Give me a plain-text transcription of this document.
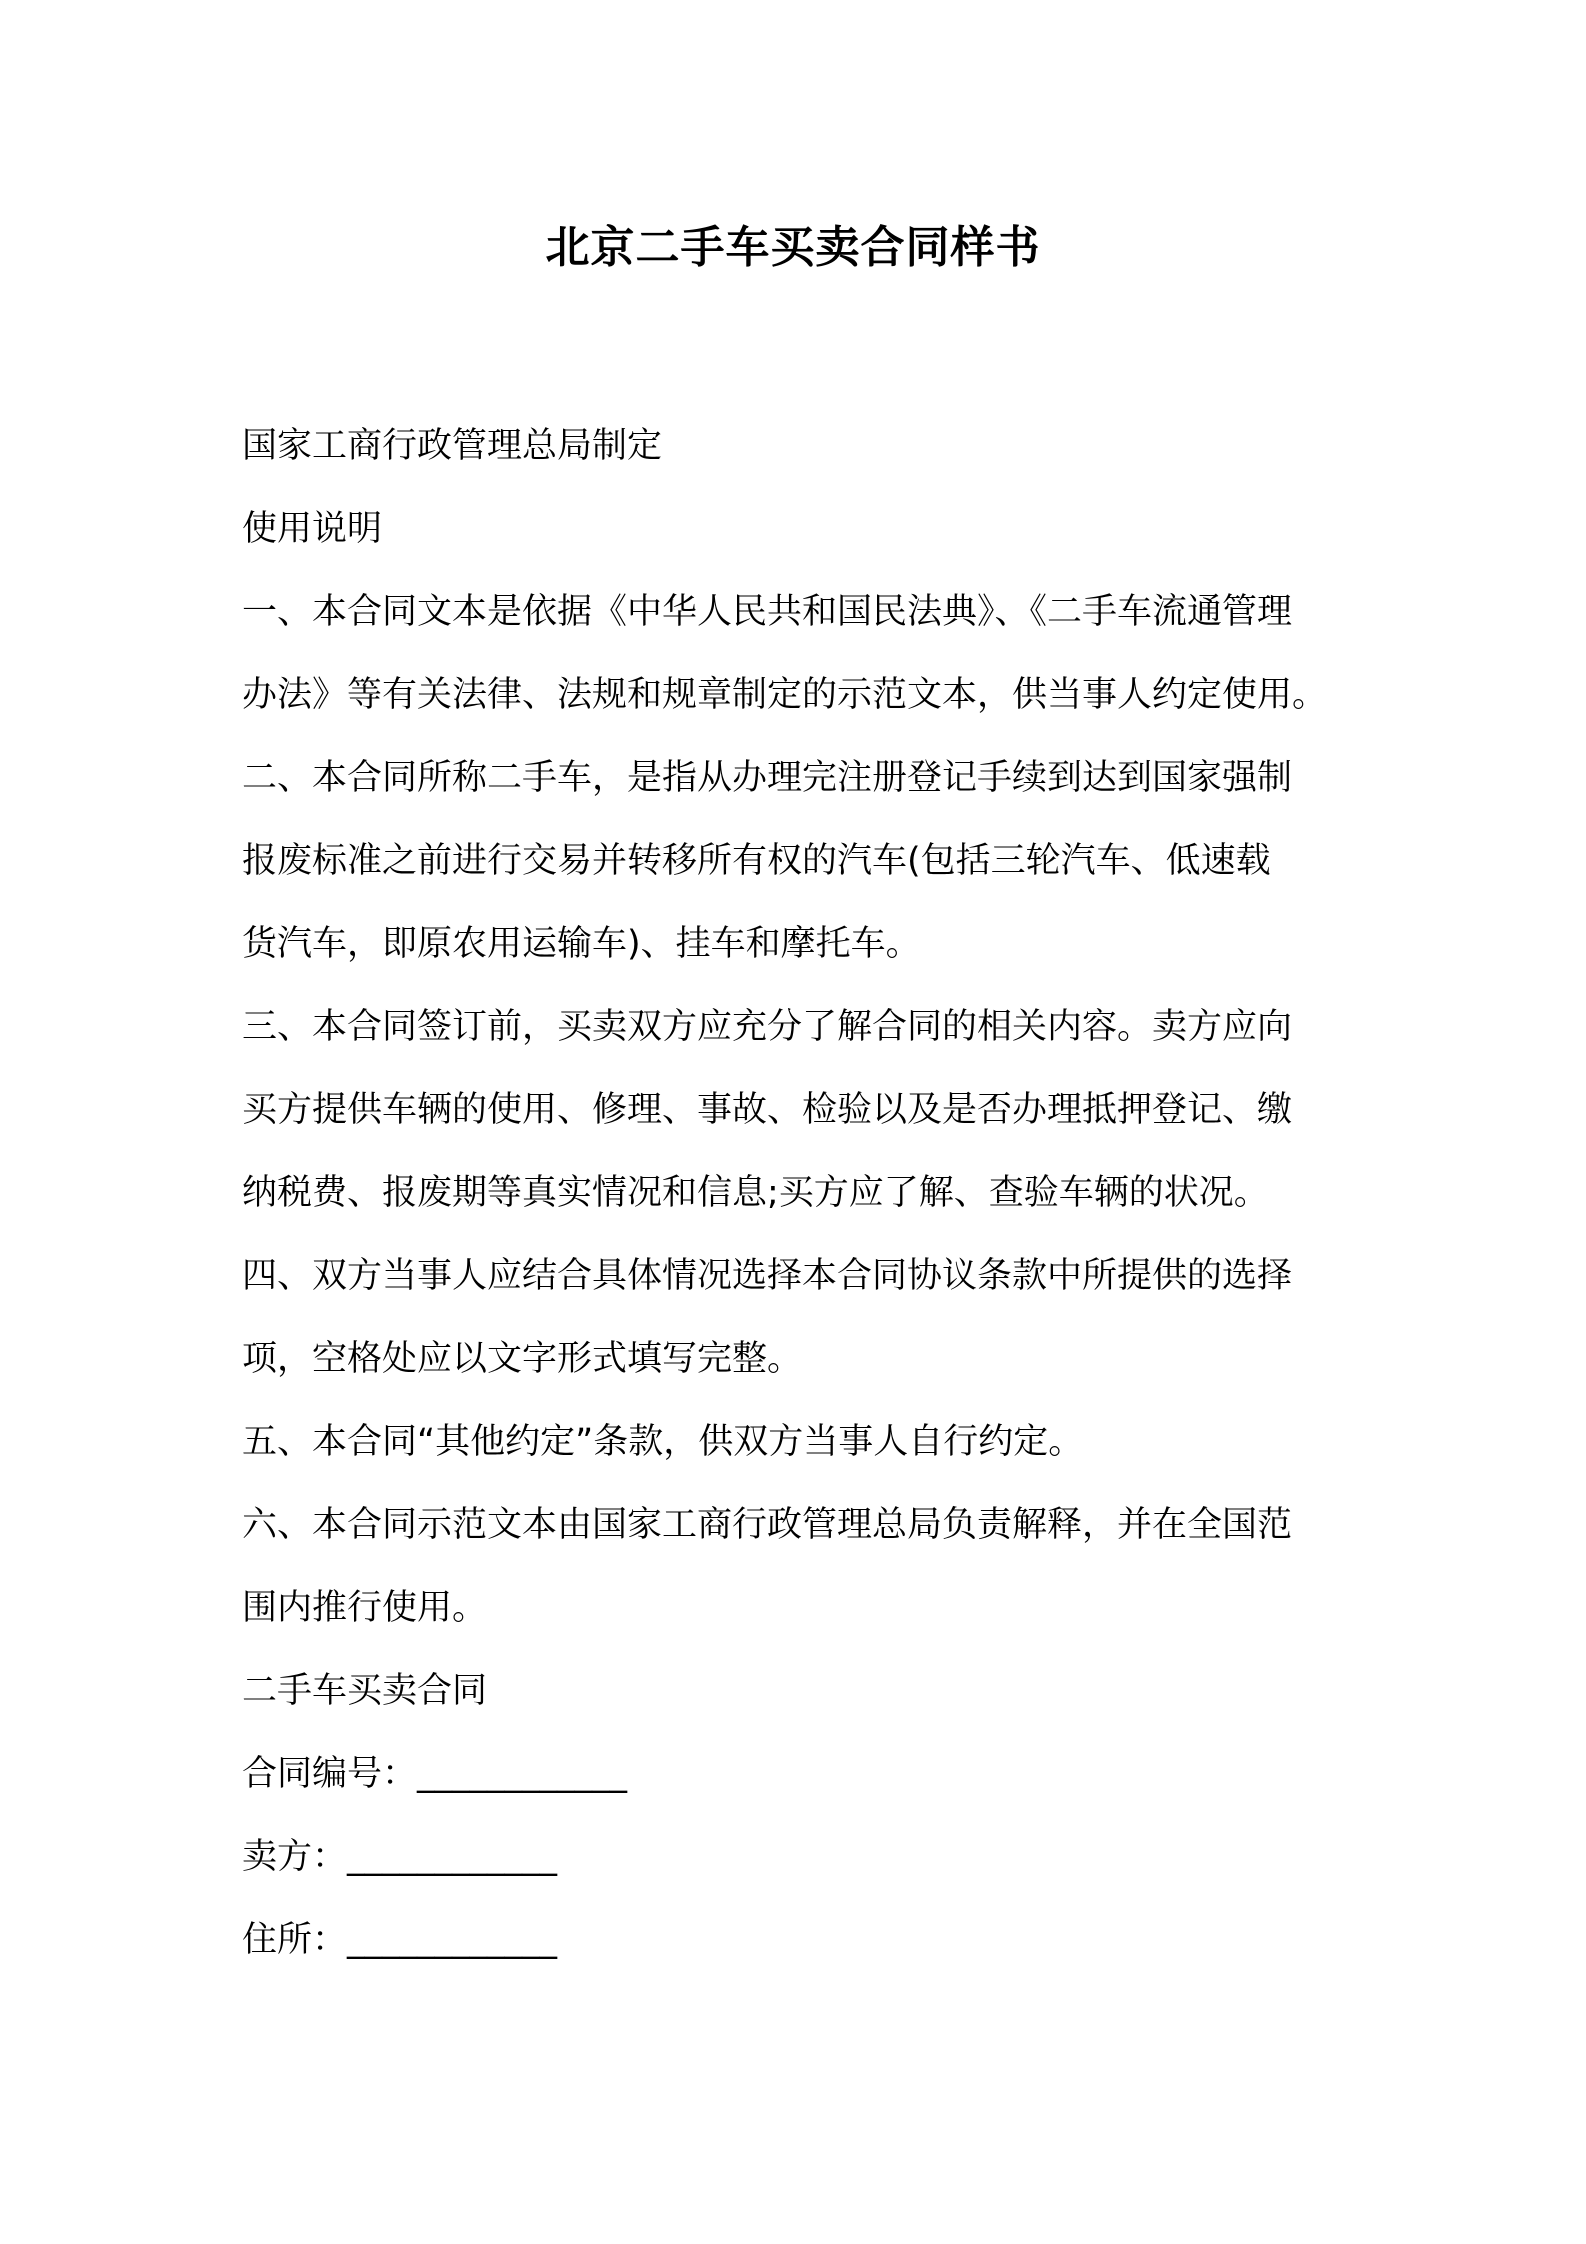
北京二手车买卖合同样书
国家工商行政管理总局制定
使用说明
一、本合同文本是依据《中华人民共和国民法典》、《二手车流通管理
办法》等有关法律、法规和规章制定的示范文本，供当事人约定使用。
二、本合同所称二手车，是指从办理完注册登记手续到达到国家强制
报废标准之前进行交易并转移所有权的汽车(包括三轮汽车、低速载
货汽车，即原农用运输车)、挂车和摩托车。
三、本合同签订前，买卖双方应充分了解合同的相关内容。卖方应向
买方提供车辆的使用、修理、事故、检验以及是否办理抵押登记、缴
纳税费、报废期等真实情况和信息;买方应了解、查验车辆的状况。
四、双方当事人应结合具体情况选择本合同协议条款中所提供的选择
项，空格处应以文字形式填写完整。
五、本合同“其他约定”条款，供双方当事人自行约定。
六、本合同示范文本由国家工商行政管理总局负责解释，并在全国范
围内推行使用。
二手车买卖合同
合同编号：____________
卖方：____________
住所：____________
